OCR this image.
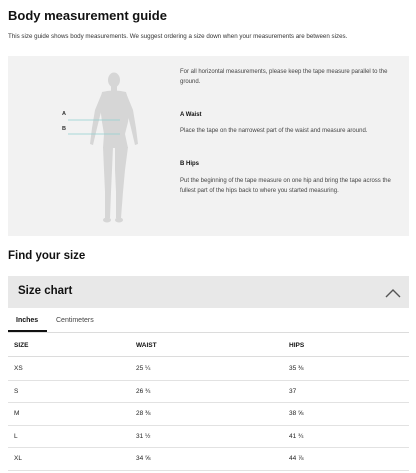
Body measurement guide
This size guide shows body measurements. We suggest ordering a size down when your measurements are between sizes.
A
B
For all horizontal measurements, please keep the tape measure parallel to the ground.
A Waist
Place the tape on the narrowest part of the waist and measure around.
B Hips
Put the beginning of the tape measure on one hip and bring the tape across the fullest part of the hips back to where you started measuring.
Find your size
Size chart
Inches	Centimeters
SIZE	WAIST	HIPS
XS	25 ¼	35 ⅜
S	26 ¾	37
M	28 ⅜	38 ⅝
L	31 ½	41 ¾
XL	34 ⅝	44 ⅞
